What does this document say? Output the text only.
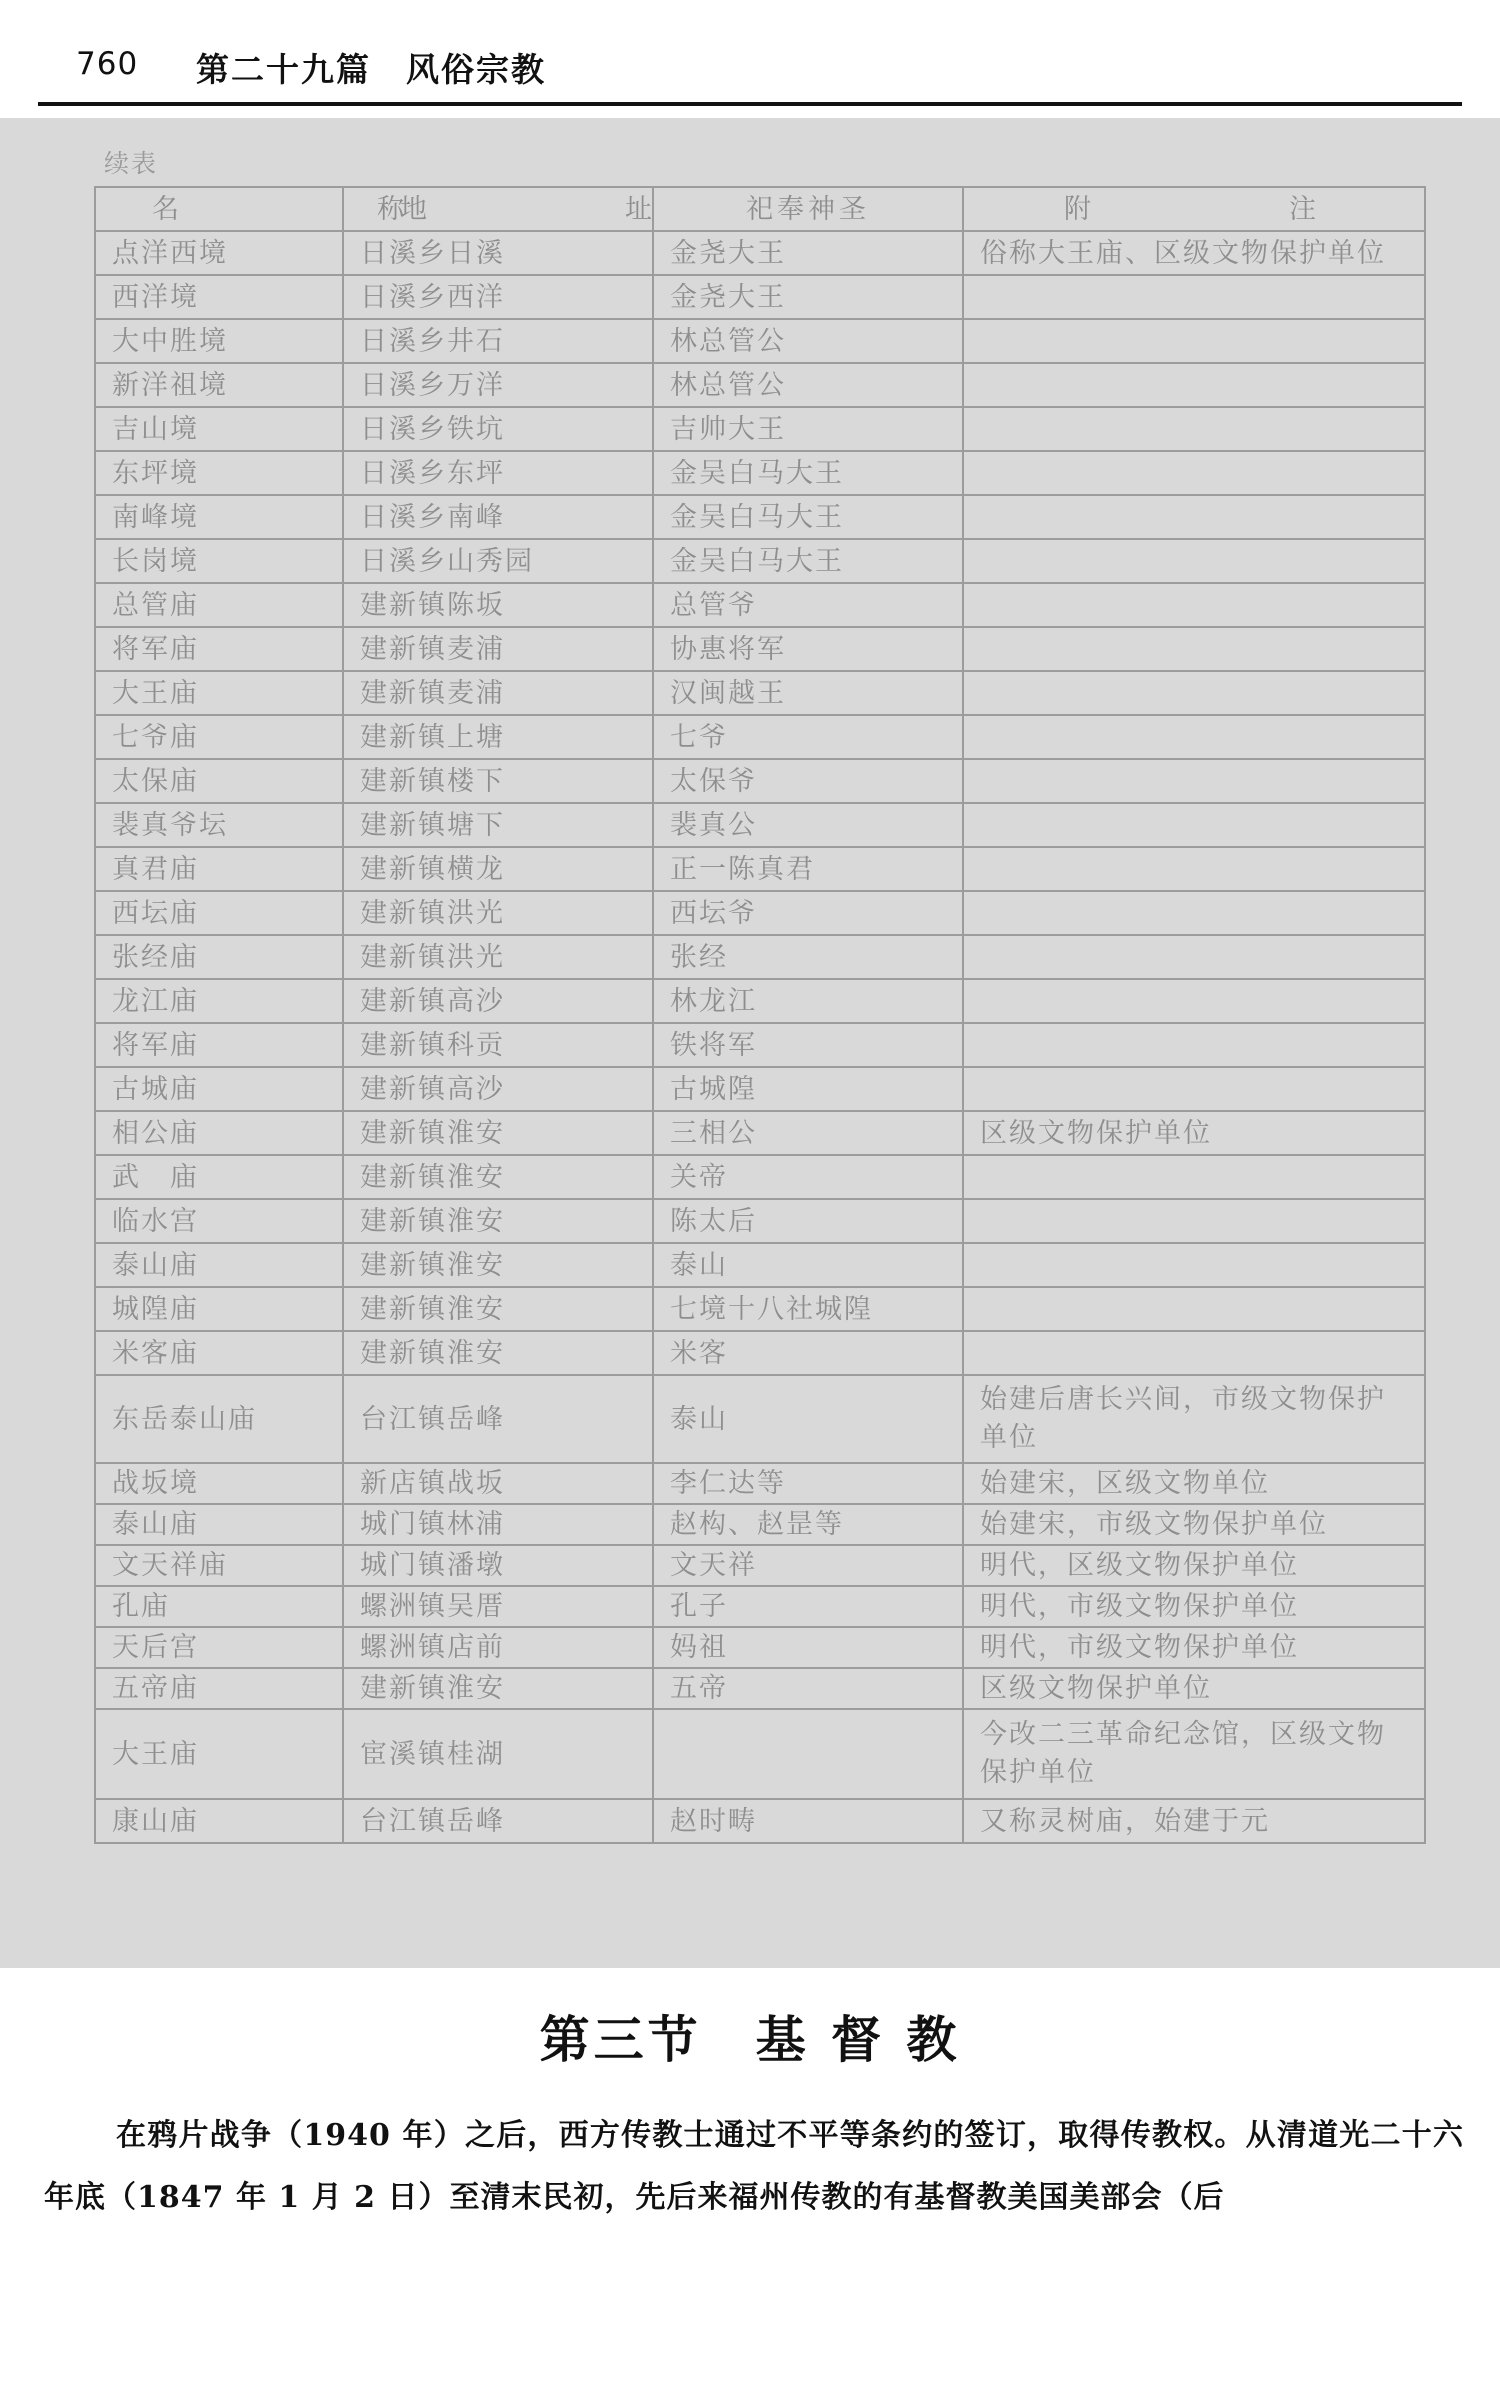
760 第二十九篇　风俗宗教
续表
名　　称	地　　址	祀奉神圣	附　　注
点洋西境	日溪乡日溪	金尧大王	俗称大王庙、区级文物保护单位
西洋境	日溪乡西洋	金尧大王	
大中胜境	日溪乡井石	林总管公	
新洋祖境	日溪乡万洋	林总管公	
吉山境	日溪乡铁坑	吉帅大王	
东坪境	日溪乡东坪	金吴白马大王	
南峰境	日溪乡南峰	金吴白马大王	
长岗境	日溪乡山秀园	金吴白马大王	
总管庙	建新镇陈坂	总管爷	
将军庙	建新镇麦浦	协惠将军	
大王庙	建新镇麦浦	汉闽越王	
七爷庙	建新镇上塘	七爷	
太保庙	建新镇楼下	太保爷	
裴真爷坛	建新镇塘下	裴真公	
真君庙	建新镇横龙	正一陈真君	
西坛庙	建新镇洪光	西坛爷	
张经庙	建新镇洪光	张经	
龙江庙	建新镇高沙	林龙江	
将军庙	建新镇科贡	铁将军	
古城庙	建新镇高沙	古城隍	
相公庙	建新镇淮安	三相公	区级文物保护单位
武　庙	建新镇淮安	关帝	
临水宫	建新镇淮安	陈太后	
泰山庙	建新镇淮安	泰山	
城隍庙	建新镇淮安	七境十八社城隍	
米客庙	建新镇淮安	米客	
东岳泰山庙	台江镇岳峰	泰山	始建后唐长兴间，市级文物保护单位
战坂境	新店镇战坂	李仁达等	始建宋，区级文物单位
泰山庙	城门镇林浦	赵构、赵昰等	始建宋，市级文物保护单位
文天祥庙	城门镇潘墩	文天祥	明代，区级文物保护单位
孔庙	螺洲镇吴厝	孔子	明代，市级文物保护单位
天后宫	螺洲镇店前	妈祖	明代，市级文物保护单位
五帝庙	建新镇淮安	五帝	区级文物保护单位
大王庙	宦溪镇桂湖		今改二三革命纪念馆，区级文物保护单位
康山庙	台江镇岳峰	赵时畴	又称灵树庙，始建于元
第三节　基 督 教
在鸦片战争（1940 年）之后，西方传教士通过不平等条约的签订，取得传教权。从清道光二十六年底（1847 年 1 月 2 日）至清末民初，先后来福州传教的有基督教美国美部会（后
